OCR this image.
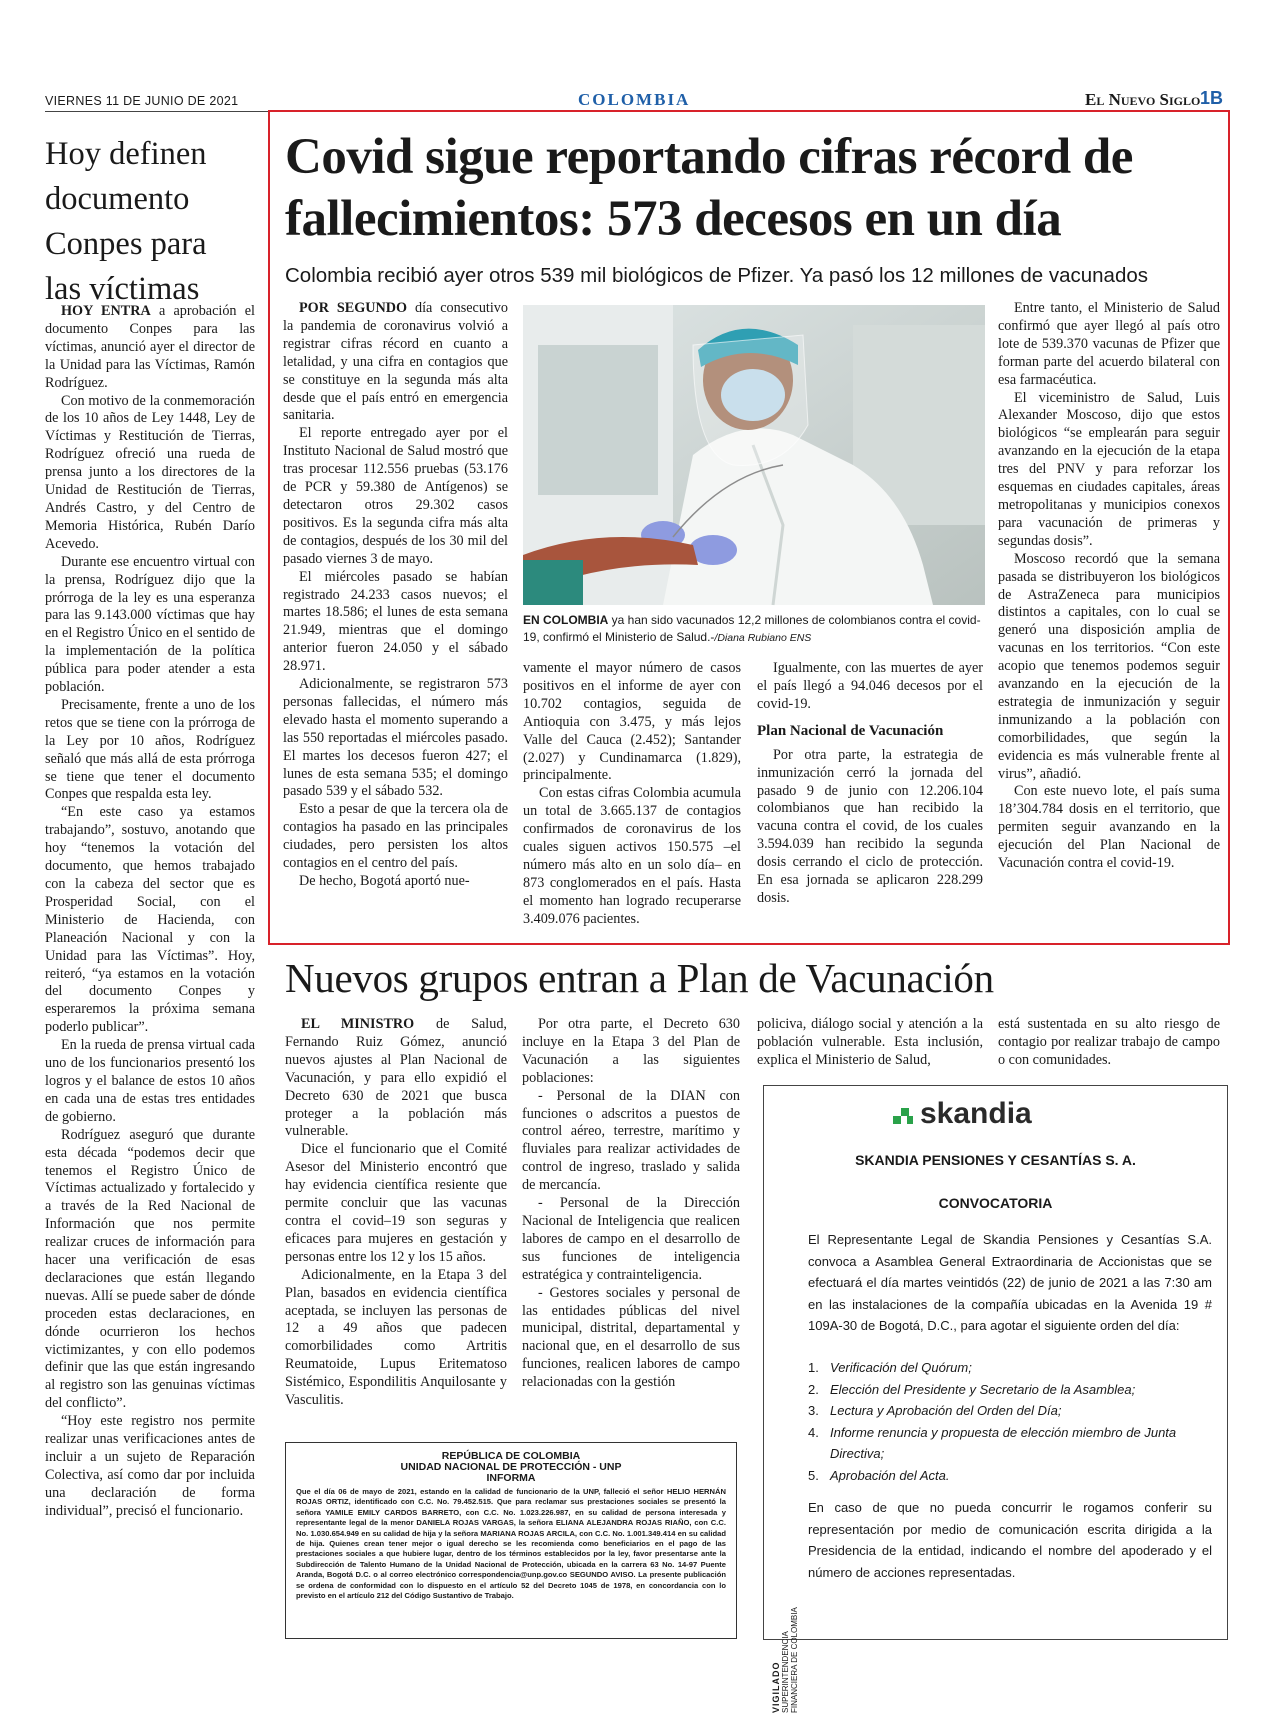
VIERNES 11 DE JUNIO DE 2021	COLOMBIA	El Nuevo Siglo 1B
Hoy definen documento Conpes para las víctimas

HOY ENTRA a aprobación el documento Conpes para las víctimas, anunció ayer el director de la Unidad para las Víctimas, Ramón Rodríguez.

Con motivo de la conmemoración de los 10 años de Ley 1448, Ley de Víctimas y Restitución de Tierras, Rodríguez ofreció una rueda de prensa junto a los directores de la Unidad de Restitución de Tierras, Andrés Castro, y del Centro de Memoria Histórica, Rubén Darío Acevedo.

Durante ese encuentro virtual con la prensa, Rodríguez dijo que la prórroga de la ley es una esperanza para las 9.143.000 víctimas que hay en el Registro Único en el sentido de la implementación de la política pública para poder atender a esta población.

Precisamente, frente a uno de los retos que se tiene con la prórroga de la Ley por 10 años, Rodríguez señaló que más allá de esta prórroga se tiene que tener el documento Conpes que respalda esta ley.

“En este caso ya estamos trabajando”, sostuvo, anotando que hoy “tenemos la votación del documento, que hemos trabajado con la cabeza del sector que es Prosperidad Social, con el Ministerio de Hacienda, con Planeación Nacional y con la Unidad para las Víctimas”. Hoy, reiteró, “ya estamos en la votación del documento Conpes y esperaremos la próxima semana poderlo publicar”.

En la rueda de prensa virtual cada uno de los funcionarios presentó los logros y el balance de estos 10 años en cada una de estas tres entidades de gobierno.

Rodríguez aseguró que durante esta década “podemos decir que tenemos el Registro Único de Víctimas actualizado y fortalecido y a través de la Red Nacional de Información que nos permite realizar cruces de información para hacer una verificación de esas declaraciones que están llegando nuevas. Allí se puede saber de dónde proceden estas declaraciones, en dónde ocurrieron los hechos victimizantes, y con ello podemos definir que las que están ingresando al registro son las genuinas víctimas del conflicto”.

“Hoy este registro nos permite realizar unas verificaciones antes de incluir a un sujeto de Reparación Colectiva, así como dar por incluida una declaración de forma individual”, precisó el funcionario.

Covid sigue reportando cifras récord de fallecimientos: 573 decesos en un día
Colombia recibió ayer otros 539 mil biológicos de Pfizer. Ya pasó los 12 millones de vacunados

POR SEGUNDO día consecutivo la pandemia de coronavirus volvió a registrar cifras récord en cuanto a letalidad, y una cifra en contagios que se constituye en la segunda más alta desde que el país entró en emergencia sanitaria.

El reporte entregado ayer por el Instituto Nacional de Salud mostró que tras procesar 112.556 pruebas (53.176 de PCR y 59.380 de Antígenos) se detectaron otros 29.302 casos positivos. Es la segunda cifra más alta de contagios, después de los 30 mil del pasado viernes 3 de mayo.

El miércoles pasado se habían registrado 24.233 casos nuevos; el martes 18.586; el lunes de esta semana 21.949, mientras que el domingo anterior fueron 24.050 y el sábado 28.971.

Adicionalmente, se registraron 573 personas fallecidas, el número más elevado hasta el momento superando a las 550 reportadas el miércoles pasado. El martes los decesos fueron 427; el lunes de esta semana 535; el domingo pasado 539 y el sábado 532.

Esto a pesar de que la tercera ola de contagios ha pasado en las principales ciudades, pero persisten los altos contagios en el centro del país.

De hecho, Bogotá aportó nue-

EN COLOMBIA ya han sido vacunados 12,2 millones de colombianos contra el covid-19, confirmó el Ministerio de Salud.-/Diana Rubiano ENS

vamente el mayor número de casos positivos en el informe de ayer con 10.702 contagios, seguida de Antioquia con 3.475, y más lejos Valle del Cauca (2.452); Santander (2.027) y Cundinamarca (1.829), principalmente.

Con estas cifras Colombia acumula un total de 3.665.137 de contagios confirmados de coronavirus de los cuales siguen activos 150.575 –el número más alto en un solo día– en 873 conglomerados en el país. Hasta el momento han logrado recuperarse 3.409.076 pacientes.

Igualmente, con las muertes de ayer el país llegó a 94.046 decesos por el covid-19.

Plan Nacional de Vacunación

Por otra parte, la estrategia de inmunización cerró la jornada del pasado 9 de junio con 12.206.104 colombianos que han recibido la vacuna contra el covid, de los cuales 3.594.039 han recibido la segunda dosis cerrando el ciclo de protección. En esa jornada se aplicaron 228.299 dosis.

Entre tanto, el Ministerio de Salud confirmó que ayer llegó al país otro lote de 539.370 vacunas de Pfizer que forman parte del acuerdo bilateral con esa farmacéutica.

El viceministro de Salud, Luis Alexander Moscoso, dijo que estos biológicos “se emplearán para seguir avanzando en la ejecución de la etapa tres del PNV y para reforzar los esquemas en ciudades capitales, áreas metropolitanas y municipios conexos para vacunación de primeras y segundas dosis”.

Moscoso recordó que la semana pasada se distribuyeron los biológicos de AstraZeneca para municipios distintos a capitales, con lo cual se generó una disposición amplia de vacunas en los territorios. “Con este acopio que tenemos podemos seguir avanzando en la ejecución de la estrategia de inmunización y seguir inmunizando a la población con comorbilidades, que según la evidencia es más vulnerable frente al virus”, añadió.

Con este nuevo lote, el país suma 18’304.784 dosis en el territorio, que permiten seguir avanzando en la ejecución del Plan Nacional de Vacunación contra el covid-19.

Nuevos grupos entran a Plan de Vacunación

EL MINISTRO de Salud, Fernando Ruiz Gómez, anunció nuevos ajustes al Plan Nacional de Vacunación, y para ello expidió el Decreto 630 de 2021 que busca proteger a la población más vulnerable.

Dice el funcionario que el Comité Asesor del Ministerio encontró que hay evidencia científica resiente que permite concluir que las vacunas contra el covid–19 son seguras y eficaces para mujeres en gestación y personas entre los 12 y los 15 años.

Adicionalmente, en la Etapa 3 del Plan, basados en evidencia científica aceptada, se incluyen las personas de 12 a 49 años que padecen comorbilidades como Artritis Reumatoide, Lupus Eritematoso Sistémico, Espondilitis Anquilosante y Vasculitis.

Por otra parte, el Decreto 630 incluye en la Etapa 3 del Plan de Vacunación a las siguientes poblaciones:

- Personal de la DIAN con funciones o adscritos a puestos de control aéreo, terrestre, marítimo y fluviales para realizar actividades de control de ingreso, traslado y salida de mercancía.

- Personal de la Dirección Nacional de Inteligencia que realicen labores de campo en el desarrollo de sus funciones de inteligencia estratégica y contrainteligencia.

- Gestores sociales y personal de las entidades públicas del nivel municipal, distrital, departamental y nacional que, en el desarrollo de sus funciones, realicen labores de campo relacionadas con la gestión

policiva, diálogo social y atención a la población vulnerable. Esta inclusión, explica el Ministerio de Salud,

está sustentada en su alto riesgo de contagio por realizar trabajo de campo o con comunidades.

REPÚBLICA DE COLOMBIA
UNIDAD NACIONAL DE PROTECCIÓN - UNP
INFORMA
Que el día 06 de mayo de 2021, estando en la calidad de funcionario de la UNP, falleció el señor HELIO HERNÁN ROJAS ORTIZ, identificado con C.C. No. 79.452.515. Que para reclamar sus prestaciones sociales se presentó la señora YAMILE EMILY CARDOS BARRETO, con C.C. No. 1.023.226.987, en su calidad de persona interesada y representante legal de la menor DANIELA ROJAS VARGAS, la señora ELIANA ALEJANDRA ROJAS RIAÑO, con C.C. No. 1.030.654.949 en su calidad de hija y la señora MARIANA ROJAS ARCILA, con C.C. No. 1.001.349.414 en su calidad de hija. Quienes crean tener mejor o igual derecho se les recomienda como beneficiarios en el pago de las prestaciones sociales a que hubiere lugar, dentro de los términos establecidos por la ley, favor presentarse ante la Subdirección de Talento Humano de la Unidad Nacional de Protección, ubicada en la carrera 63 No. 14-97 Puente Aranda, Bogotá D.C. o al correo electrónico correspondencia@unp.gov.co SEGUNDO AVISO. La presente publicación se ordena de conformidad con lo dispuesto en el artículo 52 del Decreto 1045 de 1978, en concordancia con lo previsto en el artículo 212 del Código Sustantivo de Trabajo.
skandia
SKANDIA PENSIONES Y CESANTÍAS S. A.
CONVOCATORIA
El Representante Legal de Skandia Pensiones y Cesantías S.A. convoca a Asamblea General Extraordinaria de Accionistas que se efectuará el día martes veintidós (22) de junio de 2021 a las 7:30 am en las instalaciones de la compañía ubicadas en la Avenida 19 # 109A-30 de Bogotá, D.C., para agotar el siguiente orden del día:
1. Verificación del Quórum;
2. Elección del Presidente y Secretario de la Asamblea;
3. Lectura y Aprobación del Orden del Día;
4. Informe renuncia y propuesta de elección miembro de Junta Directiva;
5. Aprobación del Acta.
En caso de que no pueda concurrir le rogamos conferir su representación por medio de comunicación escrita dirigida a la Presidencia de la entidad, indicando el nombre del apoderado y el número de acciones representadas.
VIGILADO SUPERINTENDENCIA FINANCIERA DE COLOMBIA
